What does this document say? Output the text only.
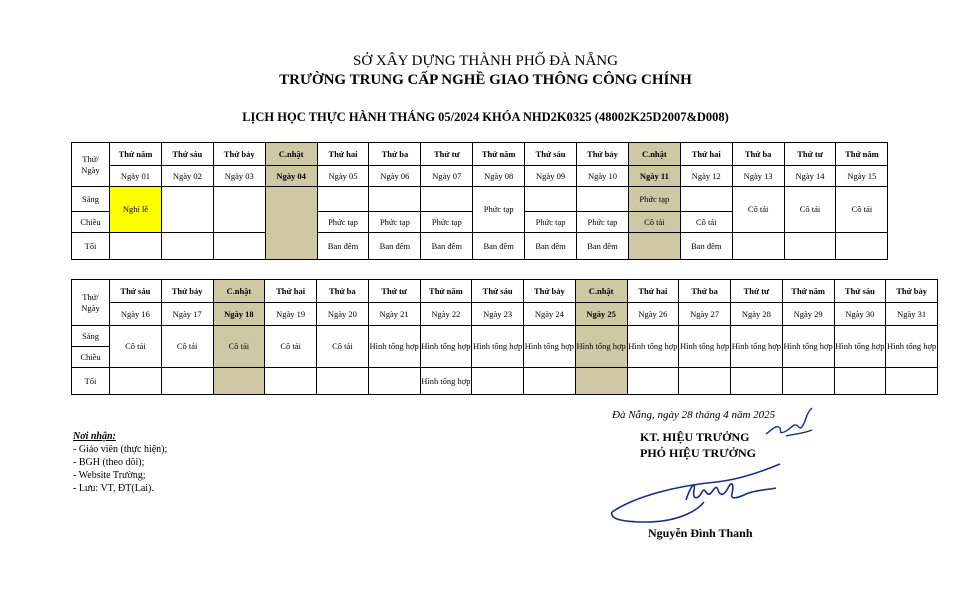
SỞ XÂY DỰNG THÀNH PHỐ ĐÀ NẴNG
TRƯỜNG TRUNG CẤP NGHỀ GIAO THÔNG CÔNG CHÍNH
LỊCH HỌC THỰC HÀNH THÁNG 05/2024 KHÓA NHD2K0325 (48002K25D2007&D008)
Thứ/
Ngày	Thứ năm	Thứ sáu	Thứ bảy	C.nhật	Thứ hai	Thứ ba	Thứ tư	Thứ năm	Thứ sáu	Thứ bảy	C.nhật	Thứ hai	Thứ ba	Thứ tư	Thứ năm
	Ngày 01	Ngày 02	Ngày 03	Ngày 04	Ngày 05	Ngày 06	Ngày 07	Ngày 08	Ngày 09	Ngày 10	Ngày 11	Ngày 12	Ngày 13	Ngày 14	Ngày 15
Sáng	Nghỉ lễ							Phức tạp			Phức tạp		Cô tải	Cô tải	Cô tải
Chiều					Phức tạp	Phức tạp	Phức tạp		Phức tạp	Phức tạp	Cô tải	Cô tải			
Tối					Ban đêm	Ban đêm	Ban đêm	Ban đêm	Ban đêm	Ban đêm		Ban đêm			
Thứ/
Ngày	Thứ sáu	Thứ bảy	C.nhật	Thứ hai	Thứ ba	Thứ tư	Thứ năm	Thứ sáu	Thứ bảy	C.nhật	Thứ hai	Thứ ba	Thứ tư	Thứ năm	Thứ sáu	Thứ bảy
	Ngày 16	Ngày 17	Ngày 18	Ngày 19	Ngày 20	Ngày 21	Ngày 22	Ngày 23	Ngày 24	Ngày 25	Ngày 26	Ngày 27	Ngày 28	Ngày 29	Ngày 30	Ngày 31
Sáng	Cô tải	Cô tải	Cô tải	Cô tải	Cô tải	Hình tổng hợp	Hình tổng hợp	Hình tổng hợp	Hình tổng hợp	Hình tổng hợp	Hình tổng hợp	Hình tổng hợp	Hình tổng hợp	Hình tổng hợp	Hình tổng hợp	Hình tổng hợp
Chiều																
Tối							Hình tổng hợp									
Nơi nhận:
- Giáo viên (thực hiện);
- BGH (theo dõi);
- Website Trường;
- Lưu: VT, ĐT(Lai).
Đà Nẵng, ngày 28 tháng 4 năm 2025
KT. HIỆU TRƯỞNG
PHÓ HIỆU TRƯỞNG
Nguyễn Đình Thanh
